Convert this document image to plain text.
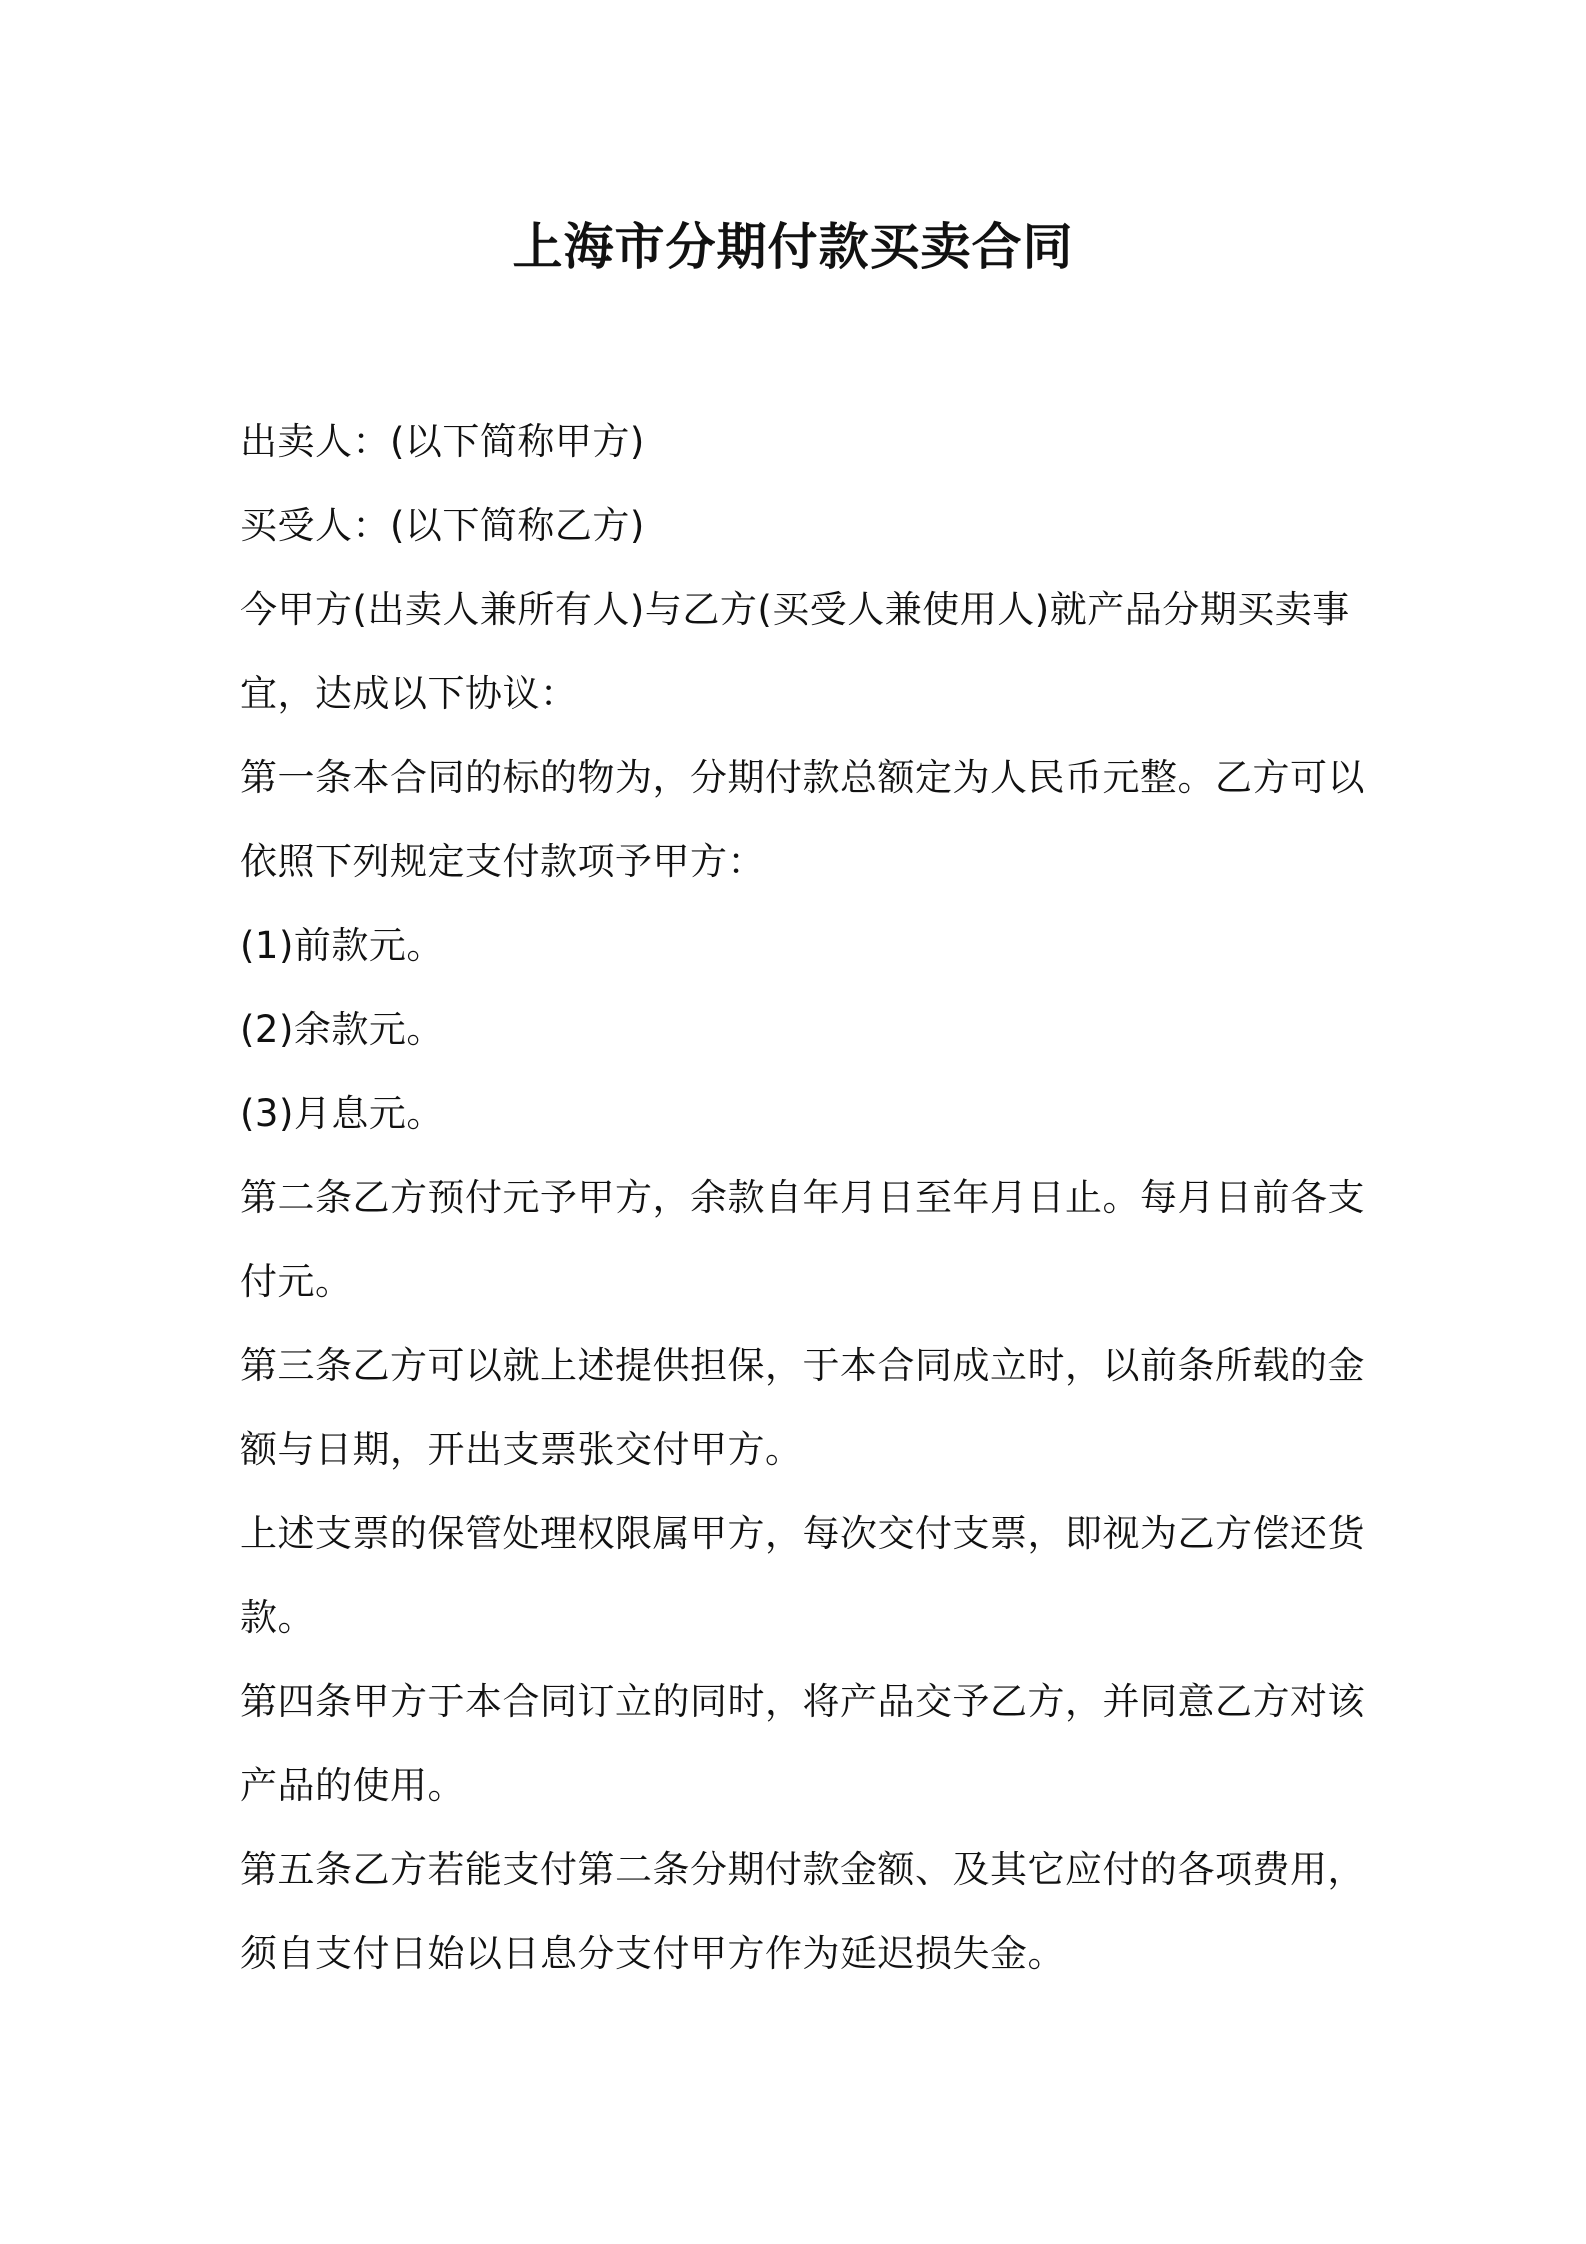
上海市分期付款买卖合同
出卖人：(以下简称甲方)
买受人：(以下简称乙方)
今甲方(出卖人兼所有人)与乙方(买受人兼使用人)就产品分期买卖事
宜，达成以下协议：
第一条本合同的标的物为，分期付款总额定为人民币元整。乙方可以
依照下列规定支付款项予甲方：
(1)前款元。
(2)余款元。
(3)月息元。
第二条乙方预付元予甲方，余款自年月日至年月日止。每月日前各支
付元。
第三条乙方可以就上述提供担保，于本合同成立时，以前条所载的金
额与日期，开出支票张交付甲方。
上述支票的保管处理权限属甲方，每次交付支票，即视为乙方偿还货
款。
第四条甲方于本合同订立的同时，将产品交予乙方，并同意乙方对该
产品的使用。
第五条乙方若能支付第二条分期付款金额、及其它应付的各项费用，
须自支付日始以日息分支付甲方作为延迟损失金。
